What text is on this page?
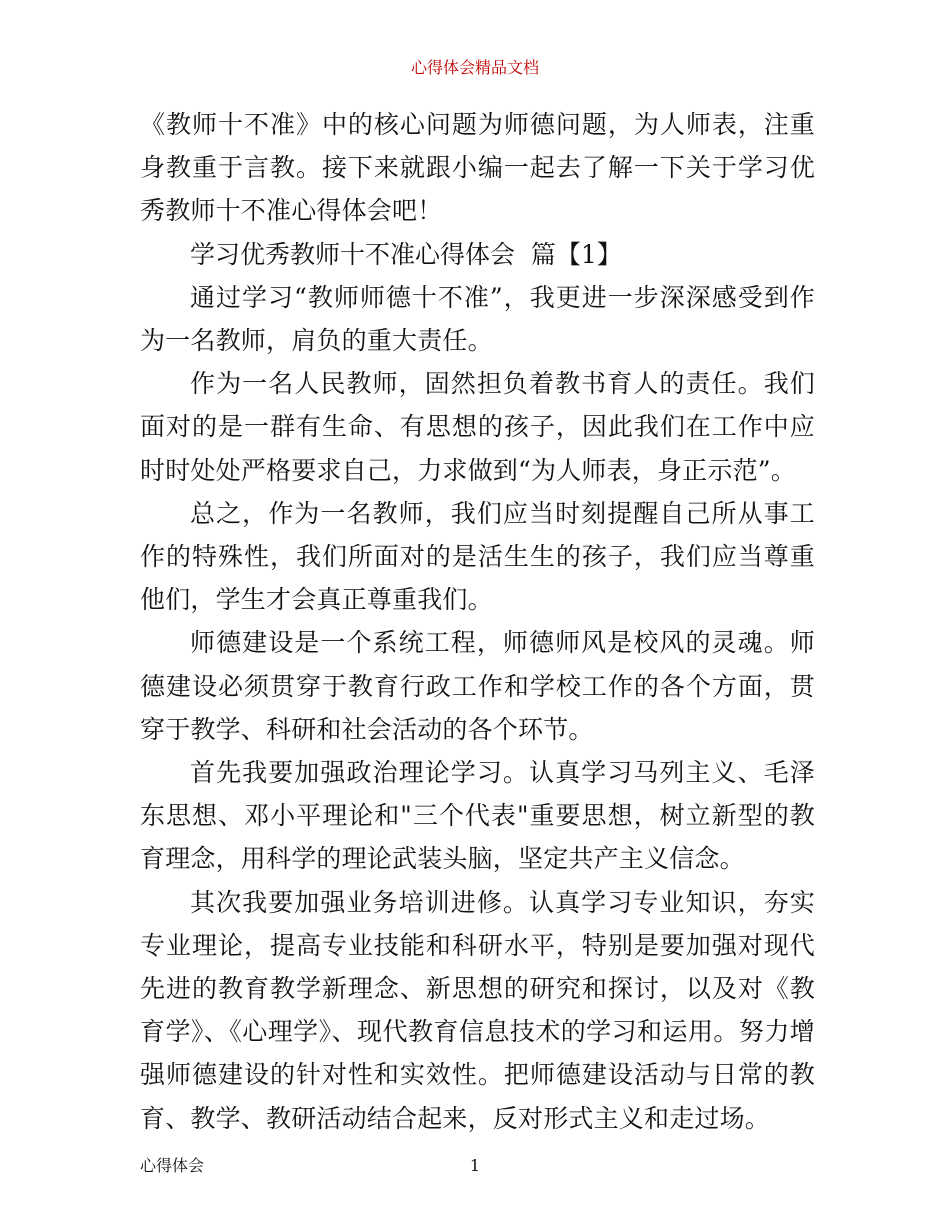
心得体会精品文档

《教师十不准》中的核心问题为师德问题，为人师表，注重身教重于言教。接下来就跟小编一起去了解一下关于学习优秀教师十不准心得体会吧！

学习优秀教师十不准心得体会  篇【1】

通过学习“教师师德十不准”，我更进一步深深感受到作为一名教师，肩负的重大责任。

作为一名人民教师，固然担负着教书育人的责任。我们面对的是一群有生命、有思想的孩子，因此我们在工作中应时时处处严格要求自己，力求做到“为人师表，身正示范”。

总之，作为一名教师，我们应当时刻提醒自己所从事工作的特殊性，我们所面对的是活生生的孩子，我们应当尊重他们，学生才会真正尊重我们。

师德建设是一个系统工程，师德师风是校风的灵魂。师德建设必须贯穿于教育行政工作和学校工作的各个方面，贯穿于教学、科研和社会活动的各个环节。

首先我要加强政治理论学习。认真学习马列主义、毛泽东思想、邓小平理论和"三个代表"重要思想，树立新型的教育理念，用科学的理论武装头脑，坚定共产主义信念。

其次我要加强业务培训进修。认真学习专业知识，夯实专业理论，提高专业技能和科研水平，特别是要加强对现代先进的教育教学新理念、新思想的研究和探讨，以及对《教育学》、《心理学》、现代教育信息技术的学习和运用。努力增强师德建设的针对性和实效性。把师德建设活动与日常的教育、教学、教研活动结合起来，反对形式主义和走过场。

心得体会	1
